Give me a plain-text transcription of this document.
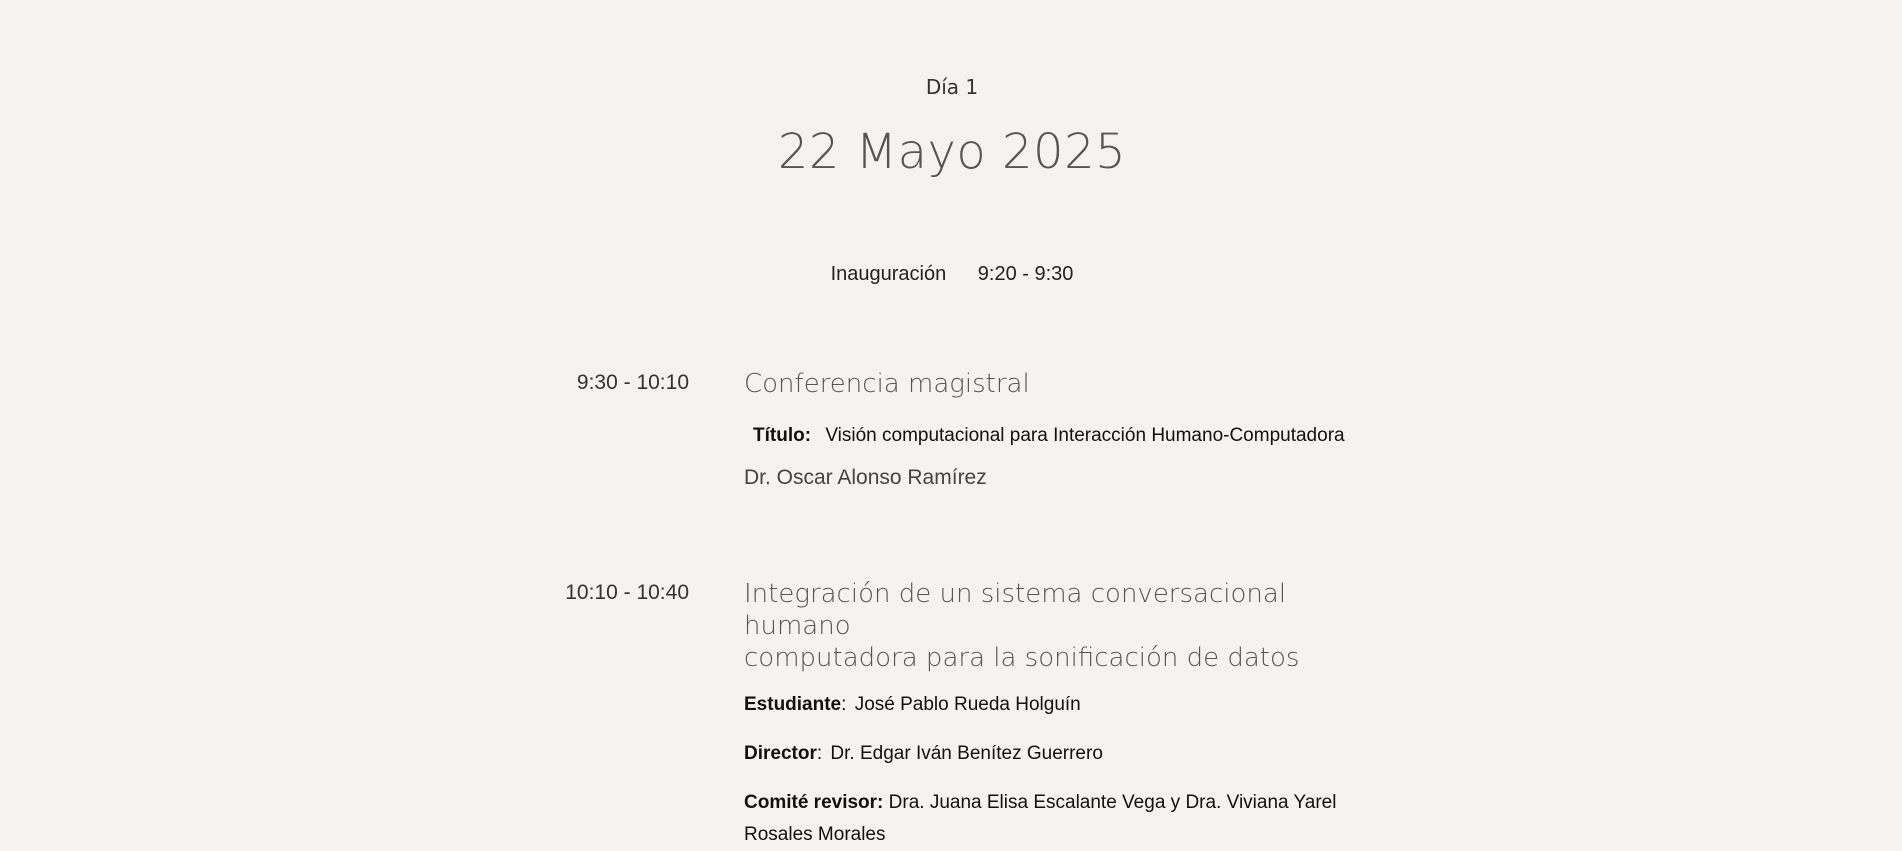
Día 1
22 Mayo 2025
Inauguración 9:20 - 9:30
9:30 - 10:10 Conferencia magistral
Título: Visión computacional para Interacción Humano-Computadora
Dr. Oscar Alonso Ramírez
10:10 - 10:40 Integración de un sistema conversacional humano
computadora para la sonificación de datos
Estudiante: José Pablo Rueda Holguín
Director: Dr. Edgar Iván Benítez Guerrero
Comité revisor: Dra. Juana Elisa Escalante Vega y Dra. Viviana Yarel
Rosales Morales
